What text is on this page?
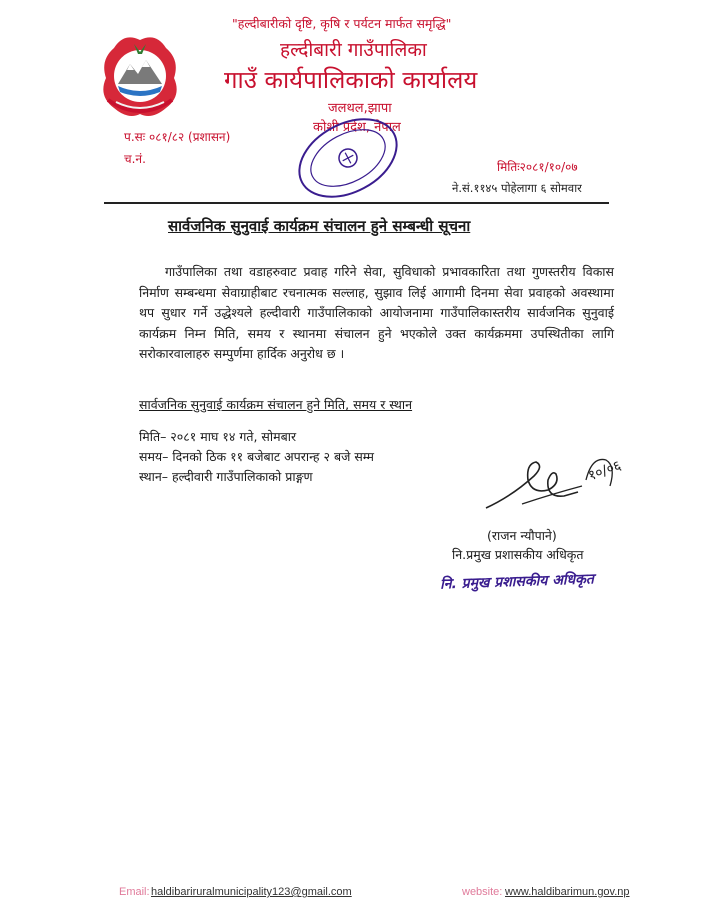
"हल्दीबारीको दृष्टि, कृषि र पर्यटन मार्फत समृद्धि"
हल्दीबारी गाउँपालिका
गाउँ कार्यपालिकाको कार्यालय
जलथल,झापा
कोशी प्रदेश, नेपाल
प.सः ०८१/८२ (प्रशासन)
च.नं.
मितिः२०८१/१०/०७
ने.सं.११४५ पोहेलागा ६ सोमवार
सार्वजनिक सुनुवाई कार्यक्रम संचालन हुने सम्बन्धी सूचना
गाउँपालिका तथा वडाहरुवाट प्रवाह गरिने सेवा, सुविधाको प्रभावकारिता तथा गुणस्तरीय विकास निर्माण सम्बन्धमा सेवाग्राहीबाट रचनात्मक सल्लाह, सुझाव लिई आगामी दिनमा सेवा प्रवाहको अवस्थामा थप सुधार गर्ने उद्धेश्यले हल्दीवारी गाउँपालिकाको आयोजनामा गाउँपालिकास्तरीय सार्वजनिक सुनुवाई कार्यक्रम निम्न मिति, समय र स्थानमा संचालन हुने भएकोले उक्त कार्यक्रममा उपस्थितीका लागि सरोकारवालाहरु सम्पुर्णमा हार्दिक अनुरोध छ ।
सार्वजनिक सुनुवाई कार्यक्रम संचालन हुने मिति, समय र स्थान
मिति– २०८१ माघ १४ गते, सोमबार
समय– दिनको ठिक ११ बजेबाट अपरान्ह २ बजे सम्म
स्थान– हल्दीवारी गाउँपालिकाको प्राङ्गण	१०/०६
(राजन न्यौपाने)
नि.प्रमुख प्रशासकीय अधिकृत
नि. प्रमुख प्रशासकीय अधिकृत
Email: haldibariruralmunicipality123@gmail.com	website: www.haldibarimun.gov.np
